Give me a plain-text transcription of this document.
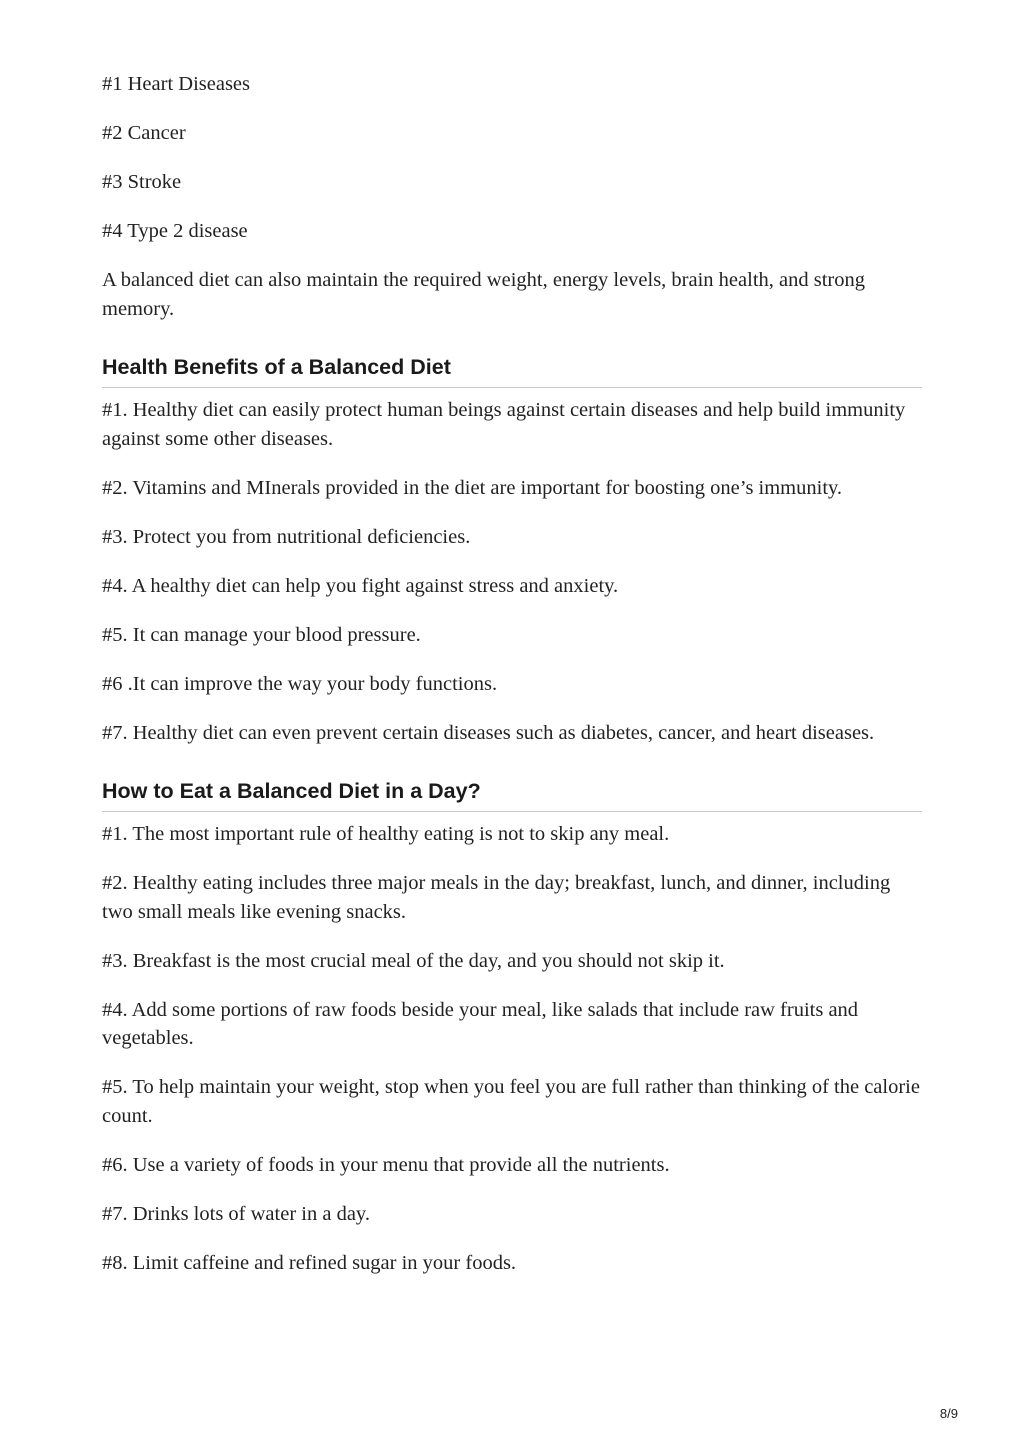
#1 Heart Diseases

#2 Cancer

#3 Stroke

#4 Type 2 disease

A balanced diet can also maintain the required weight, energy levels, brain health, and strong memory.

Health Benefits of a Balanced Diet

#1. Healthy diet can easily protect human beings against certain diseases and help build immunity against some other diseases.

#2. Vitamins and MInerals provided in the diet are important for boosting one’s immunity.

#3. Protect you from nutritional deficiencies.

#4. A healthy diet can help you fight against stress and anxiety.

#5. It can manage your blood pressure.

#6 .It can improve the way your body functions.

#7. Healthy diet can even prevent certain diseases such as diabetes, cancer, and heart diseases.

How to Eat a Balanced Diet in a Day?

#1. The most important rule of healthy eating is not to skip any meal.

#2. Healthy eating includes three major meals in the day; breakfast, lunch, and dinner, including two small meals like evening snacks.

#3. Breakfast is the most crucial meal of the day, and you should not skip it.

#4. Add some portions of raw foods beside your meal, like salads that include raw fruits and vegetables.

#5. To help maintain your weight, stop when you feel you are full rather than thinking of the calorie count.

#6. Use a variety of foods in your menu that provide all the nutrients.

#7. Drinks lots of water in a day.

#8. Limit caffeine and refined sugar in your foods.

8/9
